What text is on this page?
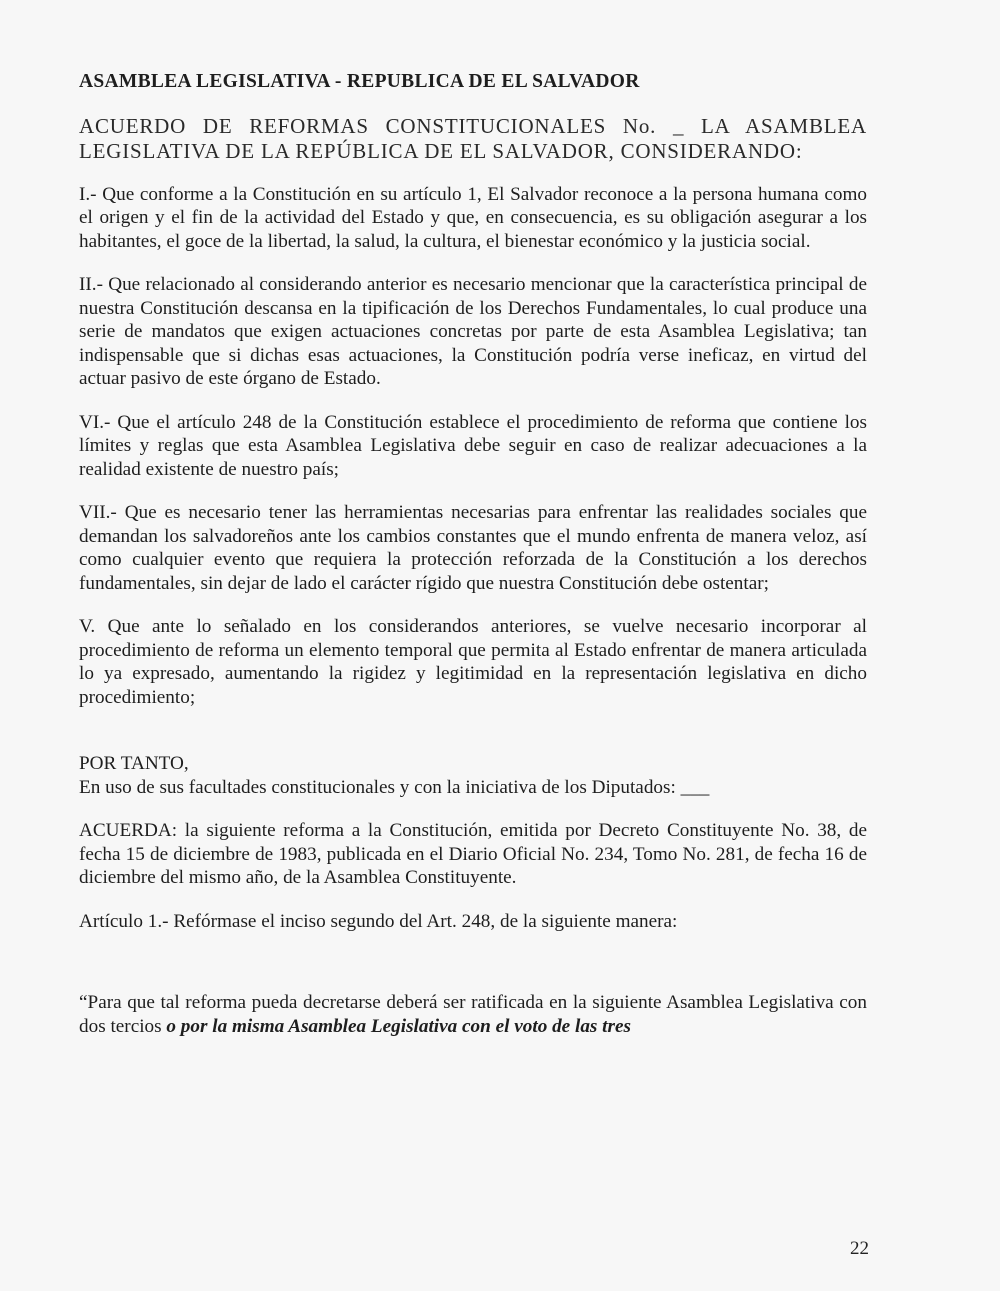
ASAMBLEA LEGISLATIVA - REPUBLICA DE EL SALVADOR

ACUERDO DE REFORMAS CONSTITUCIONALES No. _ LA ASAMBLEA LEGISLATIVA DE LA REPÚBLICA DE EL SALVADOR, CONSIDERANDO:

I.- Que conforme a la Constitución en su artículo 1, El Salvador reconoce a la persona humana como el origen y el fin de la actividad del Estado y que, en consecuencia, es su obligación asegurar a los habitantes, el goce de la libertad, la salud, la cultura, el bienestar económico y la justicia social.

II.- Que relacionado al considerando anterior es necesario mencionar que la característica principal de nuestra Constitución descansa en la tipificación de los Derechos Fundamentales, lo cual produce una serie de mandatos que exigen actuaciones concretas por parte de esta Asamblea Legislativa; tan indispensable que si dichas esas actuaciones, la Constitución podría verse ineficaz, en virtud del actuar pasivo de este órgano de Estado.

VI.- Que el artículo 248 de la Constitución establece el procedimiento de reforma que contiene los límites y reglas que esta Asamblea Legislativa debe seguir en caso de realizar adecuaciones a la realidad existente de nuestro país;

VII.- Que es necesario tener las herramientas necesarias para enfrentar las realidades sociales que demandan los salvadoreños ante los cambios constantes que el mundo enfrenta de manera veloz, así como cualquier evento que requiera la protección reforzada de la Constitución a los derechos fundamentales, sin dejar de lado el carácter rígido que nuestra Constitución debe ostentar;

V. Que ante lo señalado en los considerandos anteriores, se vuelve necesario incorporar al procedimiento de reforma un elemento temporal que permita al Estado enfrentar de manera articulada lo ya expresado, aumentando la rigidez y legitimidad en la representación legislativa en dicho procedimiento;

POR TANTO,

En uso de sus facultades constitucionales y con la iniciativa de los Diputados: ___

ACUERDA: la siguiente reforma a la Constitución, emitida por Decreto Constituyente No. 38, de fecha 15 de diciembre de 1983, publicada en el Diario Oficial No. 234, Tomo No. 281, de fecha 16 de diciembre del mismo año, de la Asamblea Constituyente.

Artículo 1.- Refórmase el inciso segundo del Art. 248, de la siguiente manera:

“Para que tal reforma pueda decretarse deberá ser ratificada en la siguiente Asamblea Legislativa con dos tercios o por la misma Asamblea Legislativa con el voto de las tres

22
